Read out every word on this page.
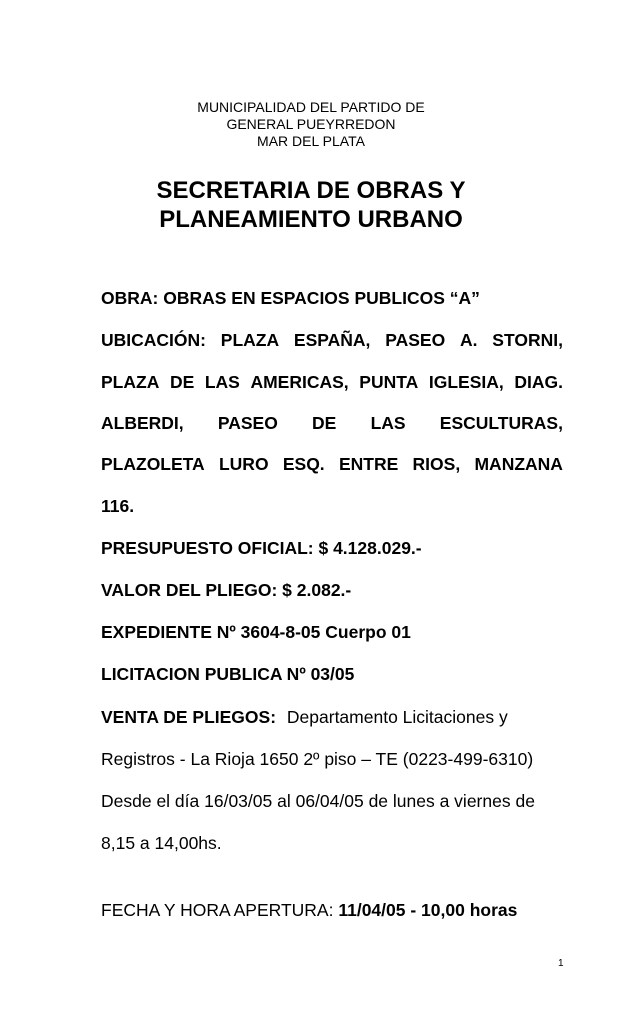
MUNICIPALIDAD DEL PARTIDO DE
GENERAL PUEYRREDON
MAR DEL PLATA
SECRETARIA DE OBRAS Y
PLANEAMIENTO URBANO
OBRA: OBRAS EN ESPACIOS PUBLICOS “A”
UBICACIÓN: PLAZA ESPAÑA, PASEO A. STORNI,
PLAZA DE LAS AMERICAS, PUNTA IGLESIA, DIAG.
ALBERDI, PASEO DE LAS ESCULTURAS,
PLAZOLETA LURO ESQ. ENTRE RIOS, MANZANA
116.
PRESUPUESTO OFICIAL: $ 4.128.029.-
VALOR DEL PLIEGO: $ 2.082.-
EXPEDIENTE Nº 3604-8-05 Cuerpo 01
LICITACION PUBLICA Nº 03/05
VENTA DE PLIEGOS: Departamento Licitaciones y
Registros - La Rioja 1650 2º piso – TE (0223-499-6310)
Desde el día 16/03/05 al 06/04/05 de lunes a viernes de
8,15 a 14,00hs.
FECHA Y HORA APERTURA: 11/04/05 - 10,00 horas
1
